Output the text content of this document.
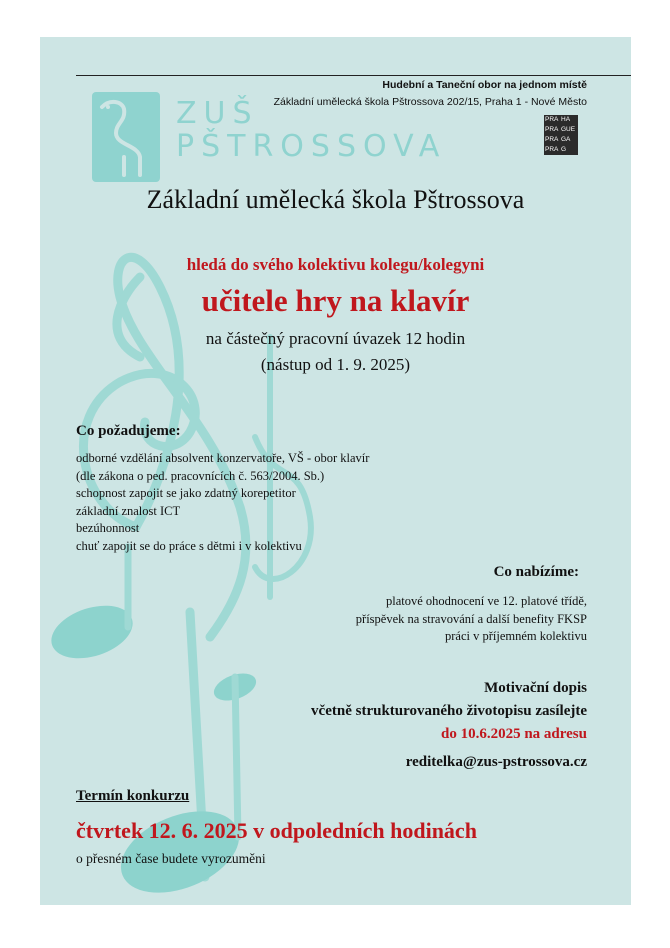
Hudební a Taneční obor na jednom místě
Základní umělecká škola Pštrossova 202/15, Praha 1 - Nové Město
PRA HA
PRA GUE
PRA GA
PRA G
ZUŠ
PŠTROSSOVA
Základní umělecká škola Pštrossova
hledá do svého kolektivu kolegu/kolegyni
učitele hry na klavír
na částečný pracovní úvazek 12 hodin
(nástup od 1. 9. 2025)
Co požadujeme:
odborné vzdělání absolvent konzervatoře, VŠ - obor klavír
(dle zákona o ped. pracovnících č. 563/2004. Sb.)
schopnost zapojit se jako zdatný korepetitor
základní znalost ICT
bezúhonnost
chuť zapojit se do práce s dětmi i v kolektivu
Co nabízíme:
platové ohodnocení ve 12. platové třídě,
příspěvek na stravování a další benefity FKSP
práci v příjemném kolektivu
Motivační dopis
včetně strukturovaného životopisu zasílejte
do 10.6.2025 na adresu
reditelka@zus-pstrossova.cz
Termín konkurzu
čtvrtek 12. 6. 2025 v odpoledních hodinách
o přesném čase budete vyrozuměni
